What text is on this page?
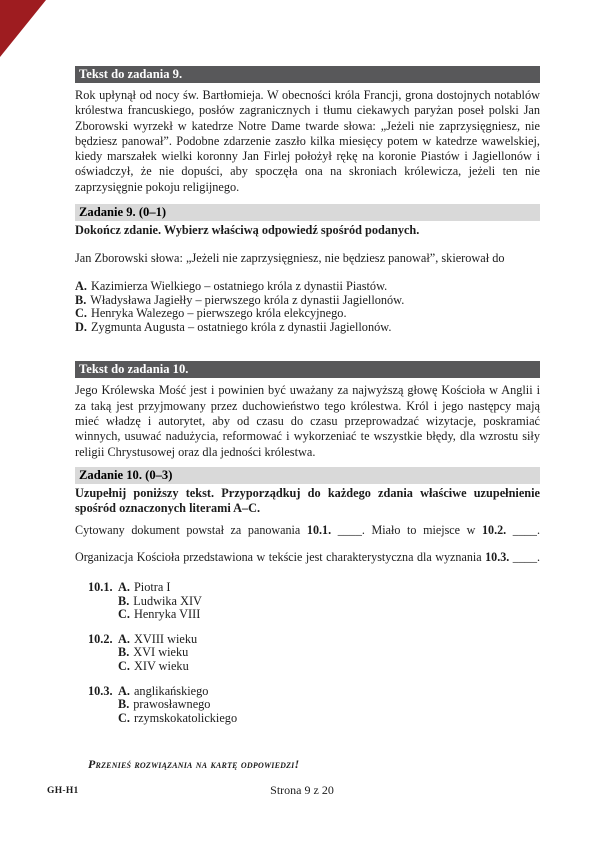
Tekst do zadania 9.

Rok upłynął od nocy św. Bartłomieja. W obecności króla Francji, grona dostojnych notablów królestwa francuskiego, posłów zagranicznych i tłumu ciekawych paryżan poseł polski Jan Zborowski wyrzekł w katedrze Notre Dame twarde słowa: „Jeżeli nie zaprzysięgniesz, nie będziesz panował”. Podobne zdarzenie zaszło kilka miesięcy potem w katedrze wawelskiej, kiedy marszałek wielki koronny Jan Firlej położył rękę na koronie Piastów i Jagiellonów i oświadczył, że nie dopuści, aby spoczęła ona na skroniach królewicza, jeżeli ten nie zaprzysięgnie pokoju religijnego.

Zadanie 9. (0–1)

Dokończ zdanie. Wybierz właściwą odpowiedź spośród podanych.

Jan Zborowski słowa: „Jeżeli nie zaprzysięgniesz, nie będziesz panował”, skierował do

A. Kazimierza Wielkiego – ostatniego króla z dynastii Piastów.
B. Władysława Jagiełły – pierwszego króla z dynastii Jagiellonów.
C. Henryka Walezego – pierwszego króla elekcyjnego.
D. Zygmunta Augusta – ostatniego króla z dynastii Jagiellonów.
Tekst do zadania 10.

Jego Królewska Mość jest i powinien być uważany za najwyższą głowę Kościoła w Anglii i za taką jest przyjmowany przez duchowieństwo tego królestwa. Król i jego następcy mają mieć władzę i autorytet, aby od czasu do czasu przeprowadzać wizytacje, poskramiać winnych, usuwać nadużycia, reformować i wykorzeniać te wszystkie błędy, dla wzrostu siły religii Chrystusowej oraz dla jedności królestwa.

Zadanie 10. (0–3)

Uzupełnij poniższy tekst. Przyporządkuj do każdego zdania właściwe uzupełnienie spośród oznaczonych literami A–C.

Cytowany dokument powstał za panowania 10.1. ____. Miało to miejsce w 10.2. ____.

Organizacja Kościoła przedstawiona w tekście jest charakterystyczna dla wyznania 10.3. ____.

10.1. A. Piotra I
B. Ludwika XIV
C. Henryka VIII
10.2. A. XVIII wieku
B. XVI wieku
C. XIV wieku
10.3. A. anglikańskiego
B. prawosławnego
C. rzymskokatolickiego
Przenieś rozwiązania na kartę odpowiedzi!
GH-H1	Strona 9 z 20
